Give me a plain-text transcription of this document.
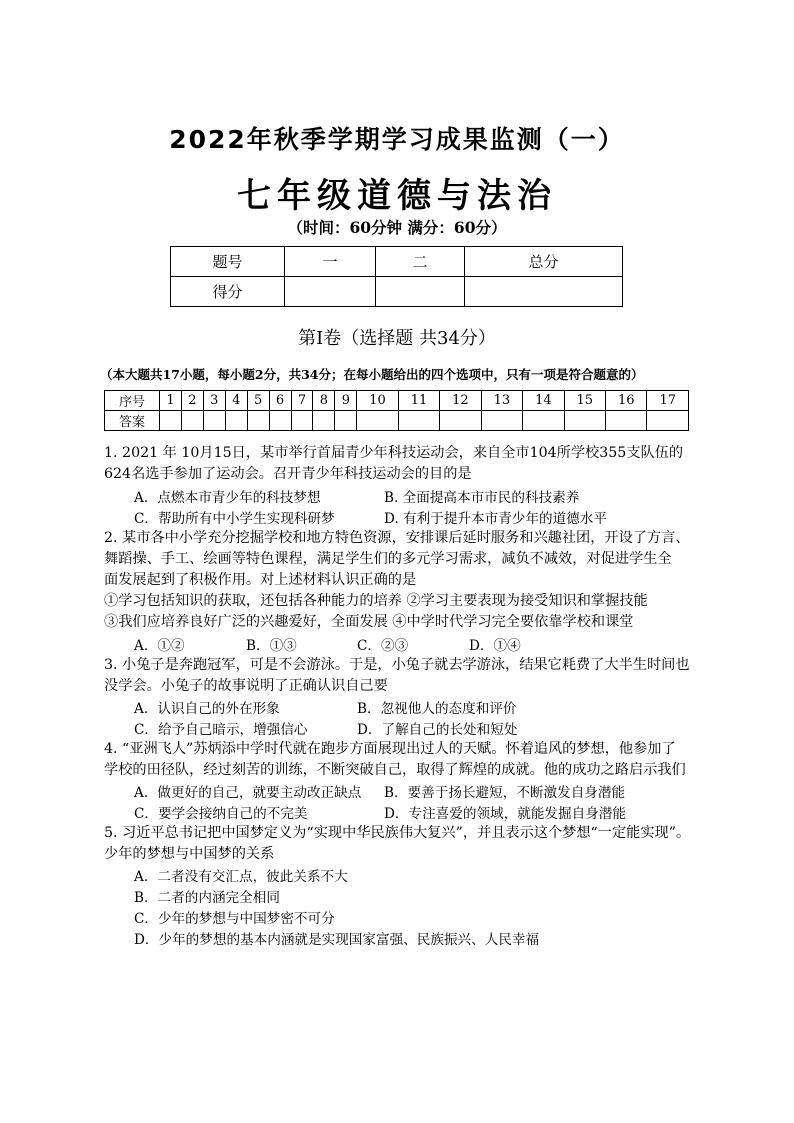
2022年秋季学期学习成果监测（一）
七年级道德与法治
（时间：60分钟 满分：60分）
题号	一	二	总分
得分			
第Ⅰ卷（选择题 共34分）
（本大题共17小题，每小题2分，共34分；在每小题给出的四个选项中，只有一项是符合题意的）
序号	1	2	3	4	5	6	7	8	9	10	11	12	13	14	15	16	17
答案																	
1. 2021 年 10月15日，某市举行首届青少年科技运动会，来自全市104所学校355支队伍的
624名选手参加了运动会。召开青少年科技运动会的目的是
A．点燃本市青少年的科技梦想	B. 全面提高本市市民的科技素养
C．帮助所有中小学生实现科研梦	D. 有利于提升本市青少年的道德水平
2. 某市各中小学充分挖掘学校和地方特色资源，安排课后延时服务和兴趣社团，开设了方言、
舞蹈操、手工、绘画等特色课程，满足学生们的多元学习需求，减负不减效，对促进学生全
面发展起到了积极作用。对上述材料认识正确的是
①学习包括知识的获取，还包括各种能力的培养 ②学习主要表现为接受知识和掌握技能
③我们应培养良好广泛的兴趣爱好，全面发展 ④中学时代学习完全要依靠学校和课堂
A．①②	B．①③	C．②③	D．①④
3. 小兔子是奔跑冠军，可是不会游泳。于是，小兔子就去学游泳，结果它耗费了大半生时间也
没学会。小兔子的故事说明了正确认识自己要
A．认识自己的外在形象	B．忽视他人的态度和评价
C．给予自己暗示，增强信心	D．了解自己的长处和短处
4. “亚洲飞人”苏炳添中学时代就在跑步方面展现出过人的天赋。怀着追风的梦想，他参加了
学校的田径队，经过刻苦的训练，不断突破自己，取得了辉煌的成就。他的成功之路启示我们
A．做更好的自己，就要主动改正缺点 B．要善于扬长避短，不断激发自身潜能
C．要学会接纳自己的不完美	D．专注喜爱的领域，就能发掘自身潜能
5. 习近平总书记把中国梦定义为“实现中华民族伟大复兴”，并且表示这个梦想“一定能实现”。
少年的梦想与中国梦的关系
A．二者没有交汇点，彼此关系不大
B．二者的内涵完全相同
C．少年的梦想与中国梦密不可分
D．少年的梦想的基本内涵就是实现国家富强、民族振兴、人民幸福
